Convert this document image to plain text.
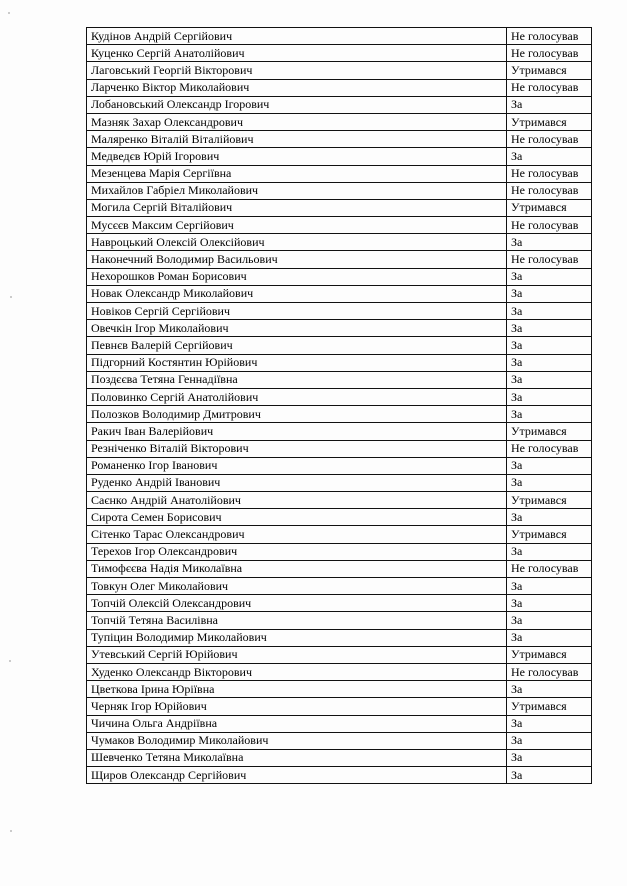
Кудінов Андрій Сергійович	Не голосував
Куценко Сергій Анатолійович	Не голосував
Лаговський Георгій Вікторович	Утримався
Ларченко Віктор Миколайович	Не голосував
Лобановський Олександр Ігорович	За
Мазняк Захар Олександрович	Утримався
Маляренко Віталій Віталійович	Не голосував
Медведєв Юрій Ігорович	За
Мезенцева Марія Сергіївна	Не голосував
Михайлов Габріел Миколайович	Не голосував
Могила Сергій Віталійович	Утримався
Мусєєв Максим Сергійович	Не голосував
Навроцький Олексій Олексійович	За
Наконечний Володимир Васильович	Не голосував
Нехорошков Роман Борисович	За
Новак Олександр Миколайович	За
Новіков Сергій Сергійович	За
Овечкін Ігор Миколайович	За
Певнєв Валерій Сергійович	За
Підгорний Костянтин Юрійович	За
Поздєєва Тетяна Геннадіївна	За
Половинко Сергій Анатолійович	За
Полозков Володимир Дмитрович	За
Ракич Іван Валерійович	Утримався
Резніченко Віталій Вікторович	Не голосував
Романенко Ігор Іванович	За
Руденко Андрій Іванович	За
Саєнко Андрій Анатолійович	Утримався
Сирота Семен Борисович	За
Сітенко Тарас Олександрович	Утримався
Терехов Ігор Олександрович	За
Тимофєєва Надія Миколаївна	Не голосував
Товкун Олег Миколайович	За
Топчій Олексій Олександрович	За
Топчій Тетяна Василівна	За
Тупіцин Володимир Миколайович	За
Утевський Сергій Юрійович	Утримався
Худенко Олександр Вікторович	Не голосував
Цветкова Ірина Юріївна	За
Черняк Ігор Юрійович	Утримався
Чичина Ольга Андріївна	За
Чумаков Володимир Миколайович	За
Шевченко Тетяна Миколаївна	За
Щиров Олександр Сергійович	За
